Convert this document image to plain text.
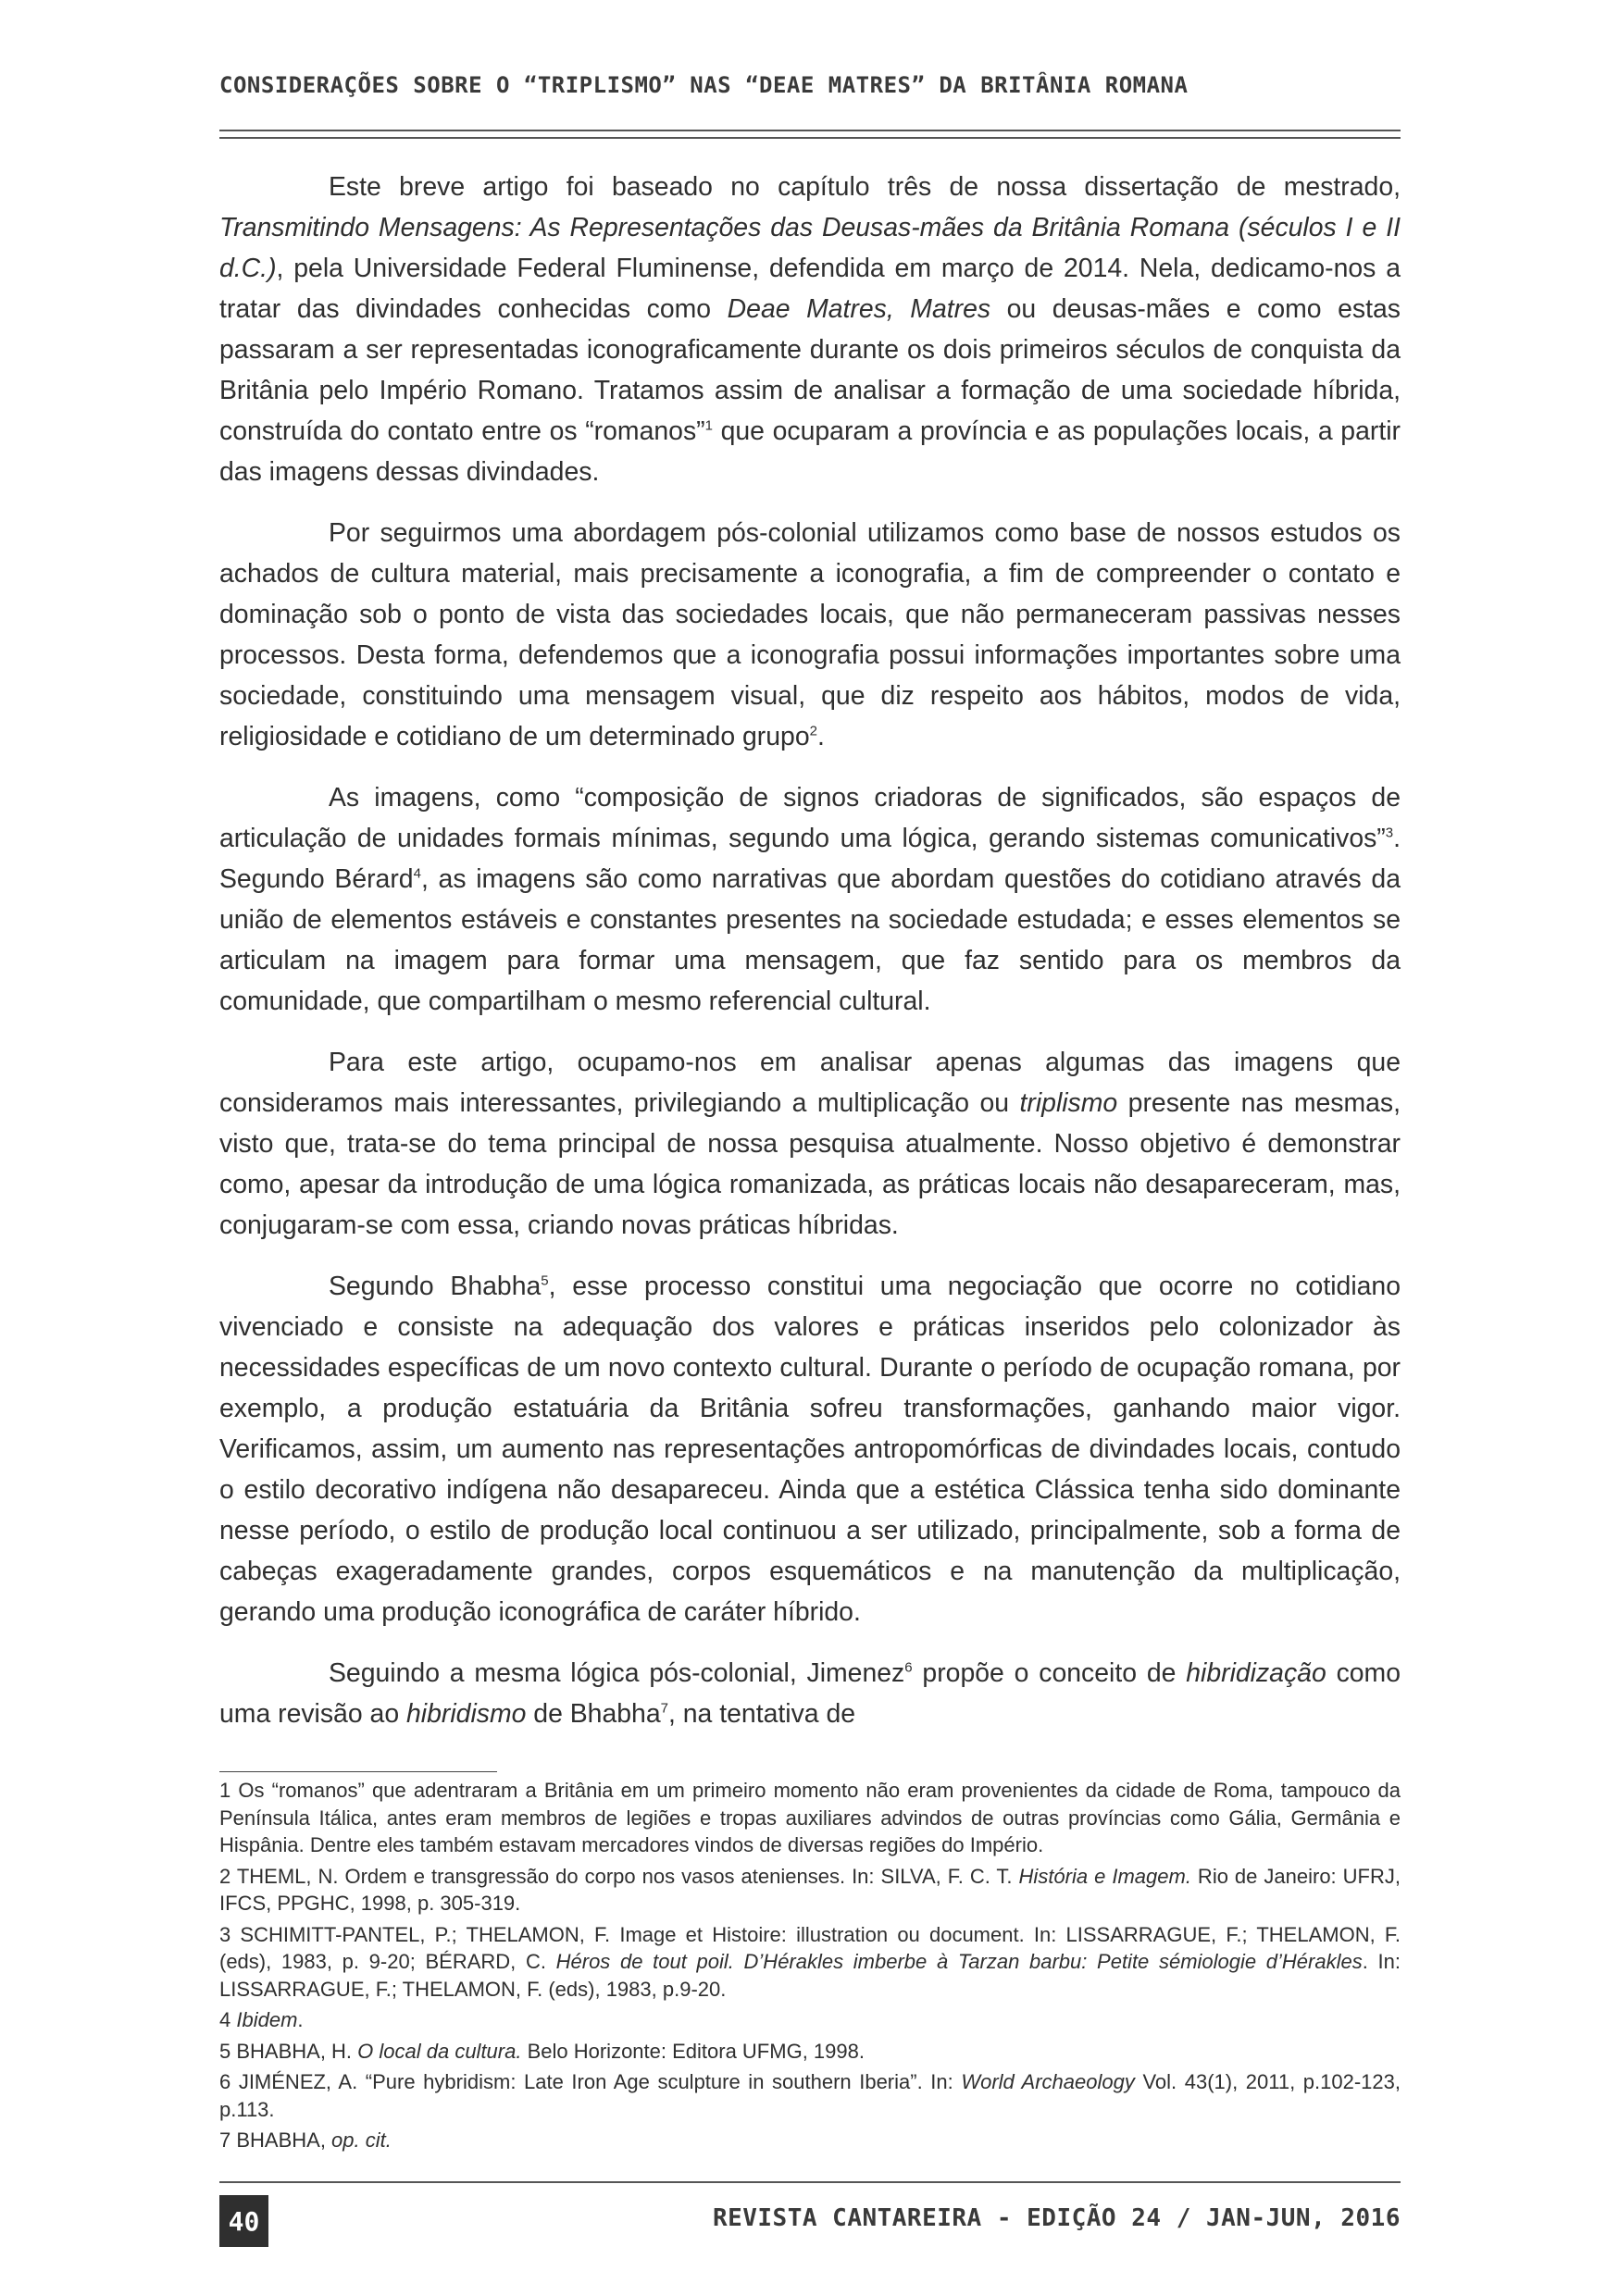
CONSIDERAÇÕES SOBRE O “TRIPLISMO” NAS “DEAE MATRES” DA BRITÂNIA ROMANA

Este breve artigo foi baseado no capítulo três de nossa dissertação de mestrado, Transmitindo Mensagens: As Representações das Deusas-mães da Britânia Romana (séculos I e II d.C.), pela Universidade Federal Fluminense, defendida em março de 2014. Nela, dedicamo-nos a tratar das divindades conhecidas como Deae Matres, Matres ou deusas-mães e como estas passaram a ser representadas iconograficamente durante os dois primeiros séculos de conquista da Britânia pelo Império Romano. Tratamos assim de analisar a formação de uma sociedade híbrida, construída do contato entre os “romanos”$^1$ que ocuparam a província e as populações locais, a partir das imagens dessas divindades.

Por seguirmos uma abordagem pós-colonial utilizamos como base de nossos estudos os achados de cultura material, mais precisamente a iconografia, a fim de compreender o contato e dominação sob o ponto de vista das sociedades locais, que não permaneceram passivas nesses processos. Desta forma, defendemos que a iconografia possui informações importantes sobre uma sociedade, constituindo uma mensagem visual, que diz respeito aos hábitos, modos de vida, religiosidade e cotidiano de um determinado grupo$^2$.

As imagens, como “composição de signos criadoras de significados, são espaços de articulação de unidades formais mínimas, segundo uma lógica, gerando sistemas comunicativos”$^3$. Segundo Bérard$^4$, as imagens são como narrativas que abordam questões do cotidiano através da união de elementos estáveis e constantes presentes na sociedade estudada; e esses elementos se articulam na imagem para formar uma mensagem, que faz sentido para os membros da comunidade, que compartilham o mesmo referencial cultural.

Para este artigo, ocupamo-nos em analisar apenas algumas das imagens que consideramos mais interessantes, privilegiando a multiplicação ou triplismo presente nas mesmas, visto que, trata-se do tema principal de nossa pesquisa atualmente. Nosso objetivo é demonstrar como, apesar da introdução de uma lógica romanizada, as práticas locais não desapareceram, mas, conjugaram-se com essa, criando novas práticas híbridas.

Segundo Bhabha$^5$, esse processo constitui uma negociação que ocorre no cotidiano vivenciado e consiste na adequação dos valores e práticas inseridos pelo colonizador às necessidades específicas de um novo contexto cultural. Durante o período de ocupação romana, por exemplo, a produção estatuária da Britânia sofreu transformações, ganhando maior vigor. Verificamos, assim, um aumento nas representações antropomórficas de divindades locais, contudo o estilo decorativo indígena não desapareceu. Ainda que a estética Clássica tenha sido dominante nesse período, o estilo de produção local continuou a ser utilizado, principalmente, sob a forma de cabeças exageradamente grandes, corpos esquemáticos e na manutenção da multiplicação, gerando uma produção iconográfica de caráter híbrido.

Seguindo a mesma lógica pós-colonial, Jimenez$^6$ propõe o conceito de hibridização como uma revisão ao hibridismo de Bhabha$^7$, na tentativa de

1 Os “romanos” que adentraram a Britânia em um primeiro momento não eram provenientes da cidade de Roma, tampouco da Península Itálica, antes eram membros de legiões e tropas auxiliares advindos de outras províncias como Gália, Germânia e Hispânia. Dentre eles também estavam mercadores vindos de diversas regiões do Império.

2 THEML, N. Ordem e transgressão do corpo nos vasos atenienses. In: SILVA, F. C. T. História e Imagem. Rio de Janeiro: UFRJ, IFCS, PPGHC, 1998, p. 305-319.

3 SCHIMITT-PANTEL, P.; THELAMON, F. Image et Histoire: illustration ou document. In: LISSARRAGUE, F.; THELAMON, F. (eds), 1983, p. 9-20; BÉRARD, C. Héros de tout poil. D’Hérakles imberbe à Tarzan barbu: Petite sémiologie d’Hérakles. In: LISSARRAGUE, F.; THELAMON, F. (eds), 1983, p.9-20.

4 Ibidem.

5 BHABHA, H. O local da cultura. Belo Horizonte: Editora UFMG, 1998.

6 JIMÉNEZ, A. “Pure hybridism: Late Iron Age sculpture in southern Iberia”. In: World Archaeology Vol. 43(1), 2011, p.102-123, p.113.

7 BHABHA, op. cit.

40	REVISTA CANTAREIRA - EDIÇÃO 24 / JAN-JUN, 2016
